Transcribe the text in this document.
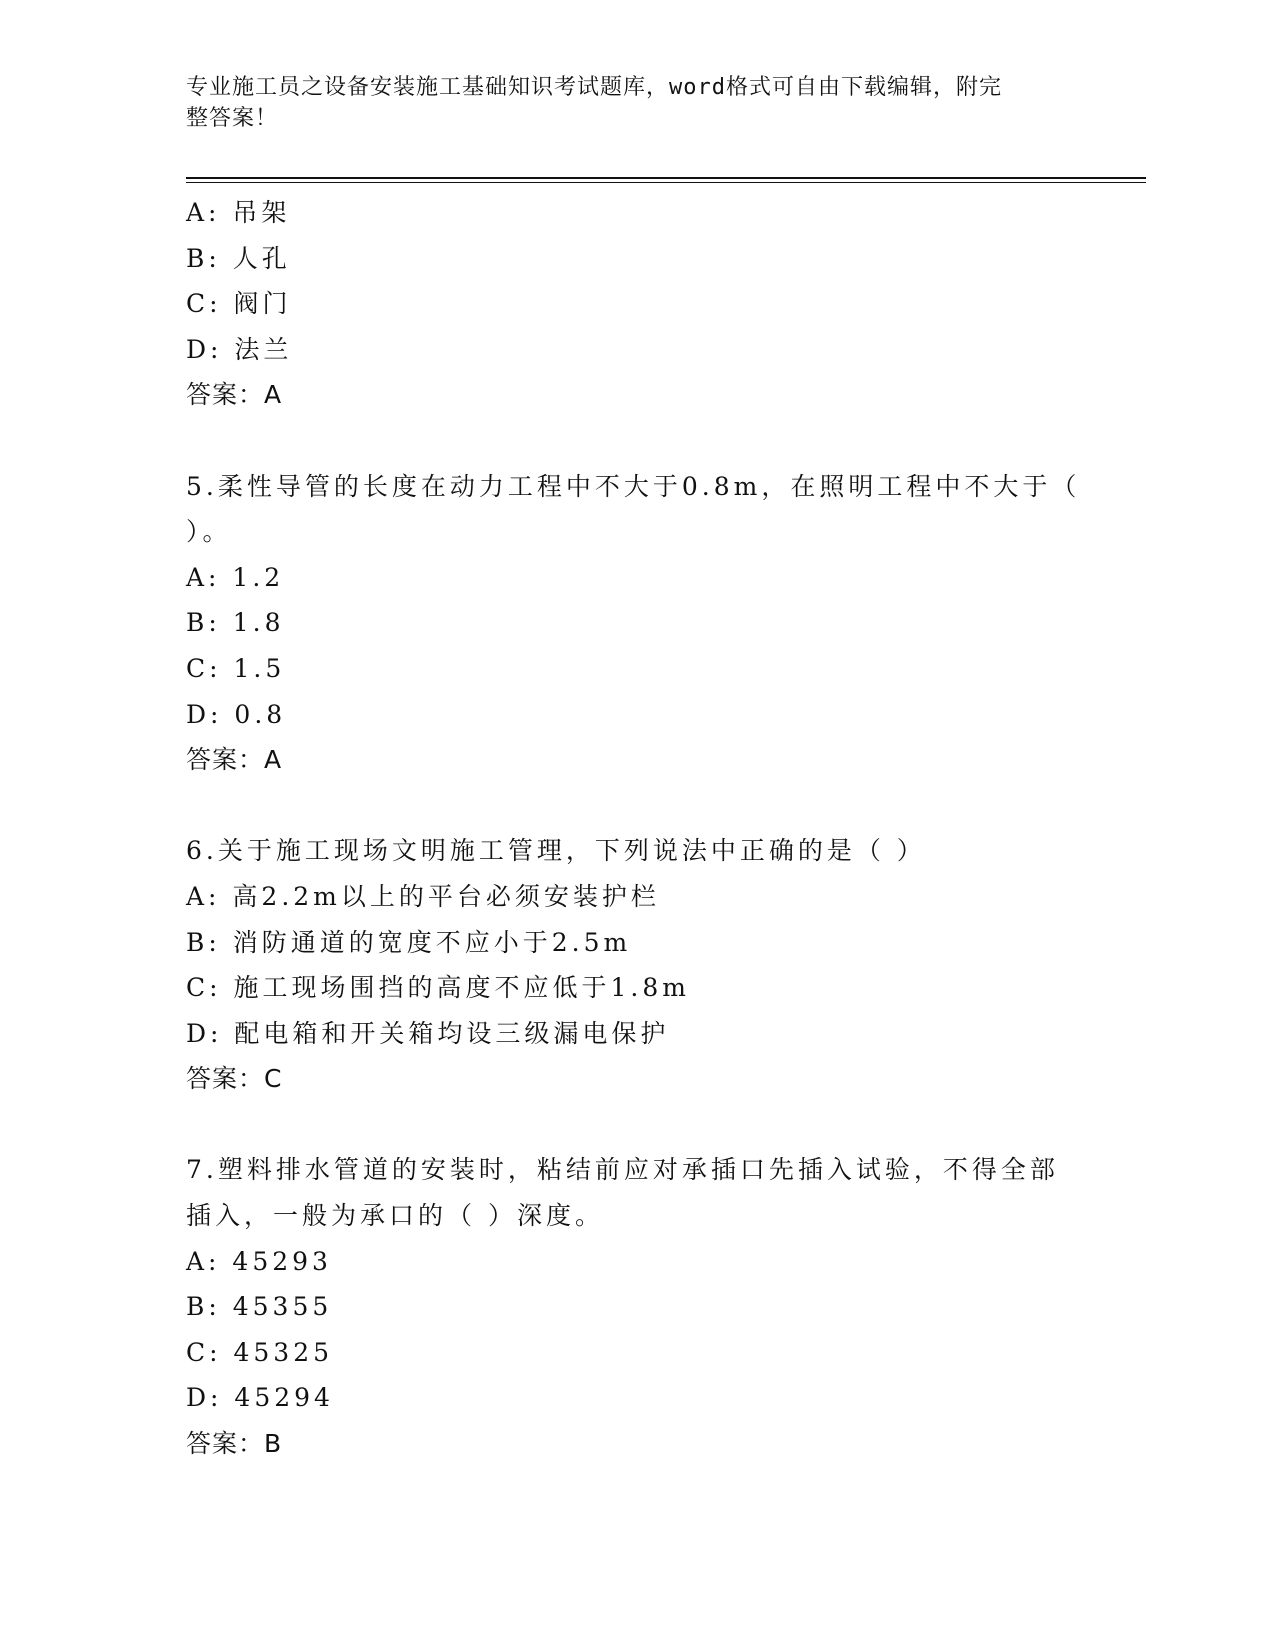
专业施工员之设备安装施工基础知识考试题库，word格式可自由下载编辑，附完
整答案！
A: 吊架
B: 人孔
C: 阀门
D: 法兰
答案：A
5.柔性导管的长度在动力工程中不大于0.8m，在照明工程中不大于（
）。
A: 1.2
B: 1.8
C: 1.5
D: 0.8
答案：A
6.关于施工现场文明施工管理，下列说法中正确的是（ ）
A: 高2.2m以上的平台必须安装护栏
B: 消防通道的宽度不应小于2.5m
C: 施工现场围挡的高度不应低于1.8m
D: 配电箱和开关箱均设三级漏电保护
答案：C
7.塑料排水管道的安装时，粘结前应对承插口先插入试验，不得全部
插入，一般为承口的（ ）深度。
A: 45293
B: 45355
C: 45325
D: 45294
答案：B
